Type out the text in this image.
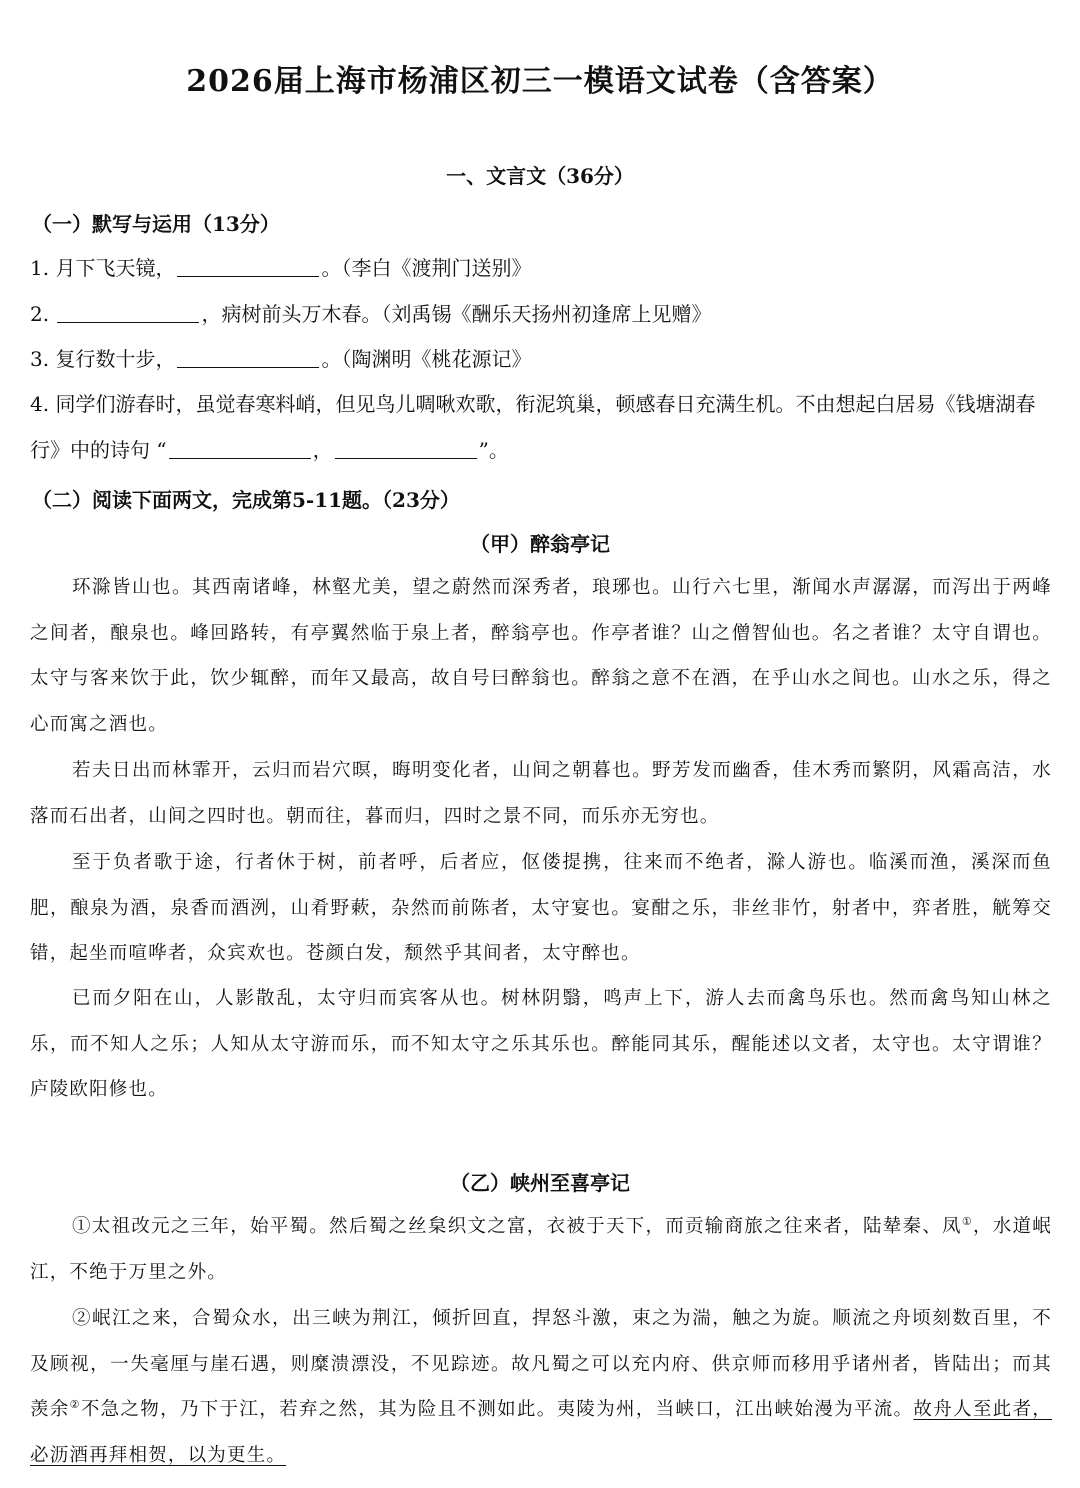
2026届上海市杨浦区初三一模语文试卷（含答案）
一、文言文（36分）
（一）默写与运用（13分）
1. 月下飞天镜，	。（李白《渡荆门送别》
2.	，病树前头万木春。（刘禹锡《酬乐天扬州初逢席上见赠》
3. 复行数十步，	。（陶渊明《桃花源记》
4. 同学们游春时，虽觉春寒料峭，但见鸟儿啁啾欢歌，衔泥筑巢，顿感春日充满生机。不由想起白居易《钱塘湖春行》中的诗句 “	，	”。
（二）阅读下面两文，完成第5-11题。（23分）
（甲）醉翁亭记
环滁皆山也。其西南诸峰，林壑尤美，望之蔚然而深秀者，琅琊也。山行六七里，渐闻水声潺潺，而泻出于两峰之间者，酿泉也。峰回路转，有亭翼然临于泉上者，醉翁亭也。作亭者谁？山之僧智仙也。名之者谁？太守自谓也。太守与客来饮于此，饮少辄醉，而年又最高，故自号曰醉翁也。醉翁之意不在酒，在乎山水之间也。山水之乐，得之心而寓之酒也。
若夫日出而林霏开，云归而岩穴暝，晦明变化者，山间之朝暮也。野芳发而幽香，佳木秀而繁阴，风霜高洁，水落而石出者，山间之四时也。朝而往，暮而归，四时之景不同，而乐亦无穷也。
至于负者歌于途，行者休于树，前者呼，后者应，伛偻提携，往来而不绝者，滁人游也。临溪而渔，溪深而鱼肥，酿泉为酒，泉香而酒洌，山肴野蔌，杂然而前陈者，太守宴也。宴酣之乐，非丝非竹，射者中，弈者胜，觥筹交错，起坐而喧哗者，众宾欢也。苍颜白发，颓然乎其间者，太守醉也。
已而夕阳在山，人影散乱，太守归而宾客从也。树林阴翳，鸣声上下，游人去而禽鸟乐也。然而禽鸟知山林之乐，而不知人之乐；人知从太守游而乐，而不知太守之乐其乐也。醉能同其乐，醒能述以文者，太守也。太守谓谁？庐陵欧阳修也。
（乙）峡州至喜亭记
①太祖改元之三年，始平蜀。然后蜀之丝枲织文之富，衣被于天下，而贡输商旅之往来者，陆辇秦、凤①，水道岷江，不绝于万里之外。
②岷江之来，合蜀众水，出三峡为荆江，倾折回直，捍怒斗激，束之为湍，触之为旋。顺流之舟顷刻数百里，不及顾视，一失毫厘与崖石遇，则糜溃漂没，不见踪迹。故凡蜀之可以充内府、供京师而移用乎诸州者，皆陆出；而其羡余②不急之物，乃下于江，若弃之然，其为险且不测如此。夷陵为州，当峡口，江出峡始漫为平流。故舟人至此者，必沥酒再拜相贺，以为更生。
